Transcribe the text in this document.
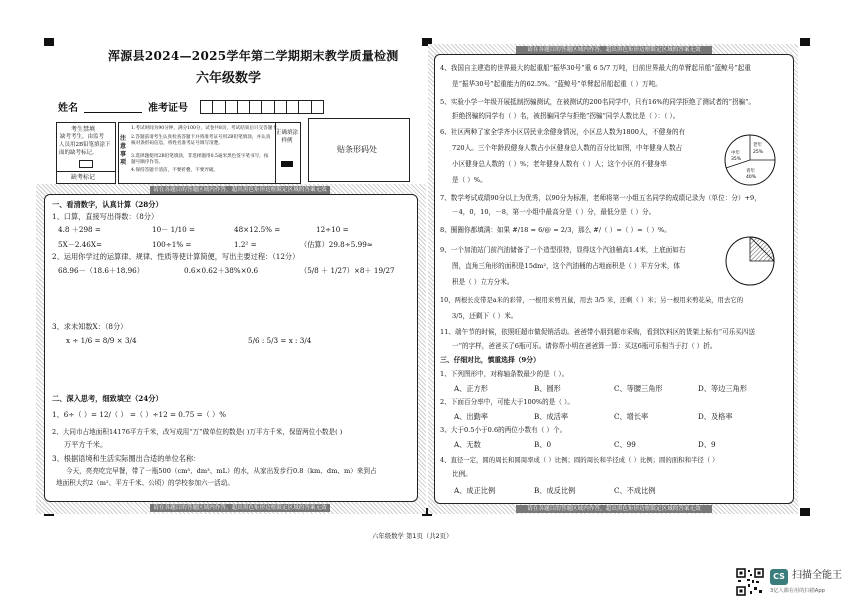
浑源县2024—2025学年第二学期期末教学质量检测
六年级数学
姓名	准考证号
考生禁填
缺考考生，由监考
人员用2B铅笔填涂下
面的缺考标记。
缺考标记
注意事项
1.考试时间为90分钟，满分100分，试卷共8页，考试结束后只交答题卡。
2.答题前请考生认真检查答题卡并将准考证号用2B铅笔填涂，并认真核对条形码信息，将姓名准考证号填写清楚。
3.选择题使用2B铅笔填涂，非选择题用0.5毫米黑色签字笔书写，按题号顺序作答。
4.保持答题卡清洁，不要折叠，不要弄破。
正确填涂样例
贴条形码处
请在各题目的答题区域内作答，超出黑色矩形边框限定区域的答案无效
请在各题目的答题区域内作答，超出黑色矩形边框限定区域的答案无效
一、看清数字，认真计算（28分）
1、口算，直接写出得数：（8分）
4.8 ＋298 =	10－ 1/10 =	48×12.5% =	12÷10 =
5X－2.46X=	100÷1% =	1.2² =	（估算）29.8÷5.99≈
2、运用你学过的运算律、规律、性质等使计算简便，写出主要过程：（12分）
68.96－（18.6＋18.96）	0.6×0.62＋38%×0.6	（5/8 ＋ 1/27）×8＋ 19/27
3、求未知数X：（8分）
x ÷ 1/6 = 8/9 × 3/4	5/6 : 5/3 = x : 3/4
二、深入思考，细致填空（24分）
1、6÷（ ）= 12/（ ） =（ ）÷12 = 0.75 =（ ）%
2、大同市占地面积14176平方千米，改写成用“万”做单位的数是( )万平方千米，保留两位小数是( )
万平方千米。
3、根据语境和生活实际圈出合适的单位名称：
今天，亮亮吃完早餐，带了一瓶500（cm³、dm³、mL）的水，从家出发步行0.8（km、dm、m）来到占
地面积大约2（m²、平方千米、公顷）的学校参加六一活动。
请在各题目的答题区域内作答，超出黑色矩形边框限定区域的答案无效
请在各题目的答题区域内作答，超出黑色矩形边框限定区域的答案无效
4、我国自主建造的世界最大的起重船“振华30号”重 6 5/7 万吨，目前世界最大的单臂起吊船“蓝鲸号”起重
是“振华30号”起重能力的62.5%。“蓝鲸号”单臂起吊船起重（ ）万吨。
5、实验小学一年级开展抵制拐骗测试，在被测试的200名同学中，只有16%的同学拒绝了测试者的“拐骗”。
拒绝拐骗的同学有（ ）名，被拐骗同学与拒绝“拐骗”同学人数比是（ ）：（ ）。
6、社区两种了家全学齐小区居民业余健身情况，小区总人数为1800人，不健身的有
720人。三个年龄段健身人数占小区健身总人数的百分比如图，中年健身人数占
小区健身总人数的（ ）%；老年健身人数有（ ）人；这个小区的不健身率
是（ ）%。
老年
25%
中年
35%
青年
40%
7、数学考试成绩90分以上为优秀，以90分为标准，老师将第一小组五名同学的成绩记录为（单位：分）+9，
－4，0，10，－8，第一小组中最高分是（ ）分，最低分是（ ）分。
8、圈圈你都填满：如果 #/18 = 6/@ = 2/3，那么 #/（ ）=（ ）=（ ）%。
9、一个加油站门前汽油储备了一个造型很特，显得这个汽油桶高1.4米，上底面如右
图，直角三角形的面积是15dm²，这个汽油桶的占地面积是（ ）平方分米，体
积是（ ）立方分米。
10、两根长皮带是a米的彩带，一根用来剪丑鼠，用去 3/5 米，还剩（ ）米；另一根用来剪花朵，用去它的
3/5，还剩下（ ）米。
11、端午节的时候，依照旺超市做促销活动。爸爸带小朋到超市采购，看到饮料区的货架上标有“可乐买四送
一”的字样，爸爸买了6瓶可乐。请你帮小明在爸爸算一算：买这6瓶可乐相当于打（ ）折。
三、仔细对比，慎重选择（9分）
1、下列图形中，对称轴条数最少的是（ ）。
A、正方形	B、圆形	C、等腰三角形	D、等边三角形
2、下面百分率中，可能大于100%的是（ ）。
A、出勤率	B、成活率	C、增长率	D、及格率
3、大于0.5小于0.6的两位小数有（ ）个。
A、无数	B、0	C、99	D、9
4、直径一定，圆的周长和圆周率成（ ）比例；圆的周长和半径成（ ）比例；圆的面积和半径（ ）
比例。
A、成正比例	B、成反比例	C、不成比例
六年级数学 第1页（共2页）
CS 扫描全能王
3亿人都在用的扫描App
